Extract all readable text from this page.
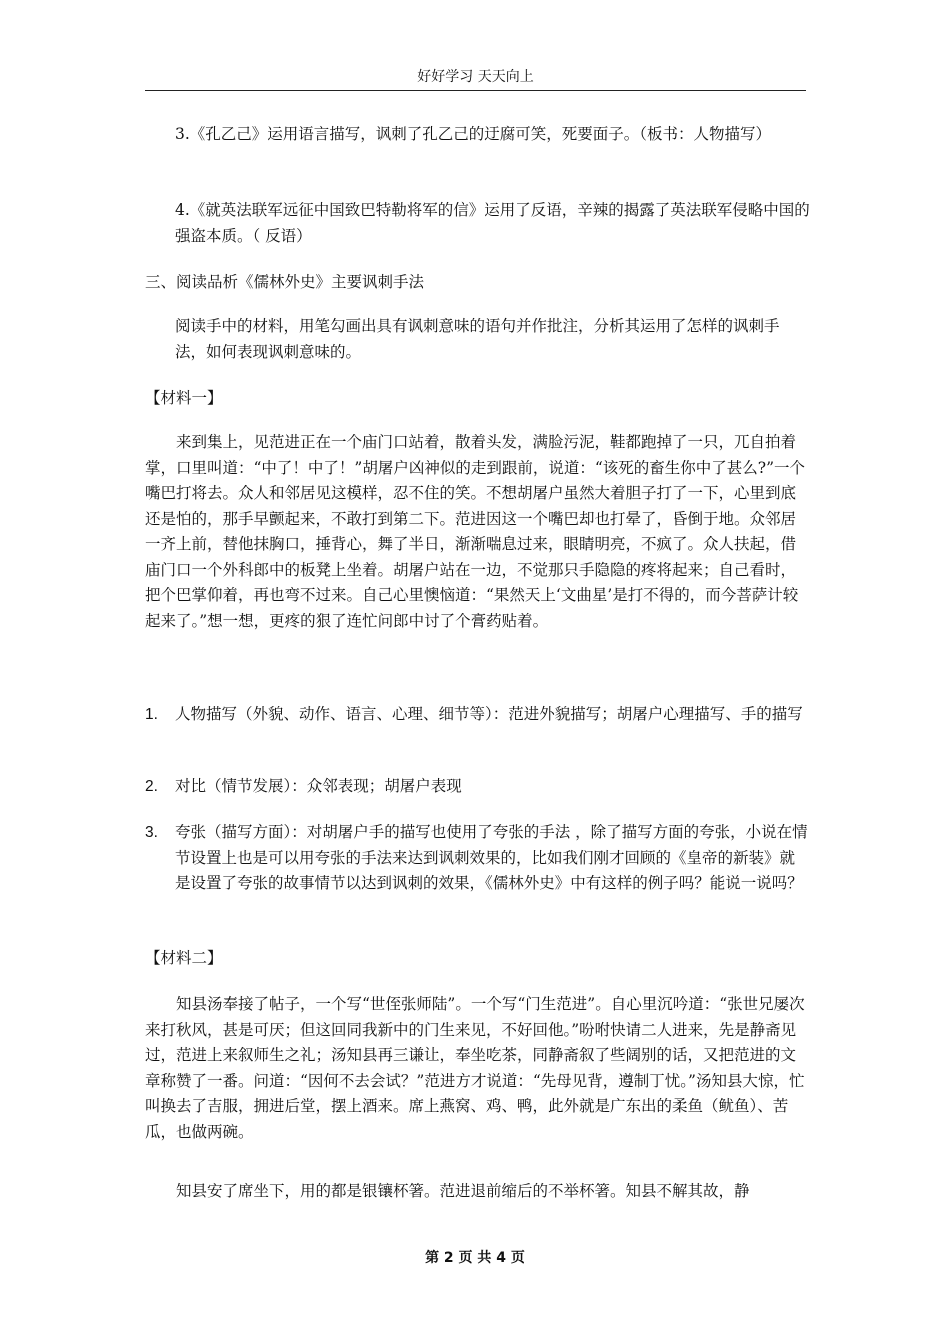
好好学习 天天向上

3.《孔乙己》运用语言描写，讽刺了孔乙己的迂腐可笑，死要面子。（板书：人物描写）

4.《就英法联军远征中国致巴特勒将军的信》运用了反语，辛辣的揭露了英法联军侵略中国的强盗本质。（ 反语）

三、阅读品析《儒林外史》主要讽刺手法

阅读手中的材料，用笔勾画出具有讽刺意味的语句并作批注，分析其运用了怎样的讽刺手法，如何表现讽刺意味的。

【材料一】

来到集上，见范进正在一个庙门口站着，散着头发，满脸污泥，鞋都跑掉了一只，兀自拍着掌，口里叫道：“中了！中了！”胡屠户凶神似的走到跟前，说道：“该死的畜生你中了甚么?”一个嘴巴打将去。众人和邻居见这模样，忍不住的笑。不想胡屠户虽然大着胆子打了一下，心里到底还是怕的，那手早颤起来，不敢打到第二下。范进因这一个嘴巴却也打晕了，昏倒于地。众邻居一齐上前，替他抹胸口，捶背心，舞了半日，渐渐喘息过来，眼睛明亮，不疯了。众人扶起，借庙门口一个外科郎中的板凳上坐着。胡屠户站在一边，不觉那只手隐隐的疼将起来；自己看时，把个巴掌仰着，再也弯不过来。自己心里懊恼道：“果然天上‘文曲星’是打不得的，而今菩萨计较起来了。”想一想，更疼的狠了连忙问郎中讨了个膏药贴着。

1. 人物描写（外貌、动作、语言、心理、细节等）：范进外貌描写；胡屠户心理描写、手的描写
2. 对比（情节发展）：众邻表现；胡屠户表现
3. 夸张（描写方面）：对胡屠户手的描写也使用了夸张的手法 ，除了描写方面的夸张，小说在情节设置上也是可以用夸张的手法来达到讽刺效果的，比如我们刚才回顾的《皇帝的新装》就是设置了夸张的故事情节以达到讽刺的效果，《儒林外史》中有这样的例子吗？能说一说吗？

【材料二】

知县汤奉接了帖子，一个写“世侄张师陆”。一个写“门生范进”。自心里沉吟道：“张世兄屡次来打秋风，甚是可厌；但这回同我新中的门生来见，不好回他。”吩咐快请二人进来，先是静斋见过，范进上来叙师生之礼；汤知县再三谦让，奉坐吃茶，同静斋叙了些阔别的话，又把范进的文章称赞了一番。问道：“因何不去会试？”范进方才说道：“先母见背，遵制丁忧。”汤知县大惊，忙叫换去了吉服，拥进后堂，摆上酒来。席上燕窝、鸡、鸭，此外就是广东出的柔鱼（鱿鱼）、苦瓜，也做两碗。

知县安了席坐下，用的都是银镶杯箸。范进退前缩后的不举杯箸。知县不解其故，静

第 2 页 共 4 页
